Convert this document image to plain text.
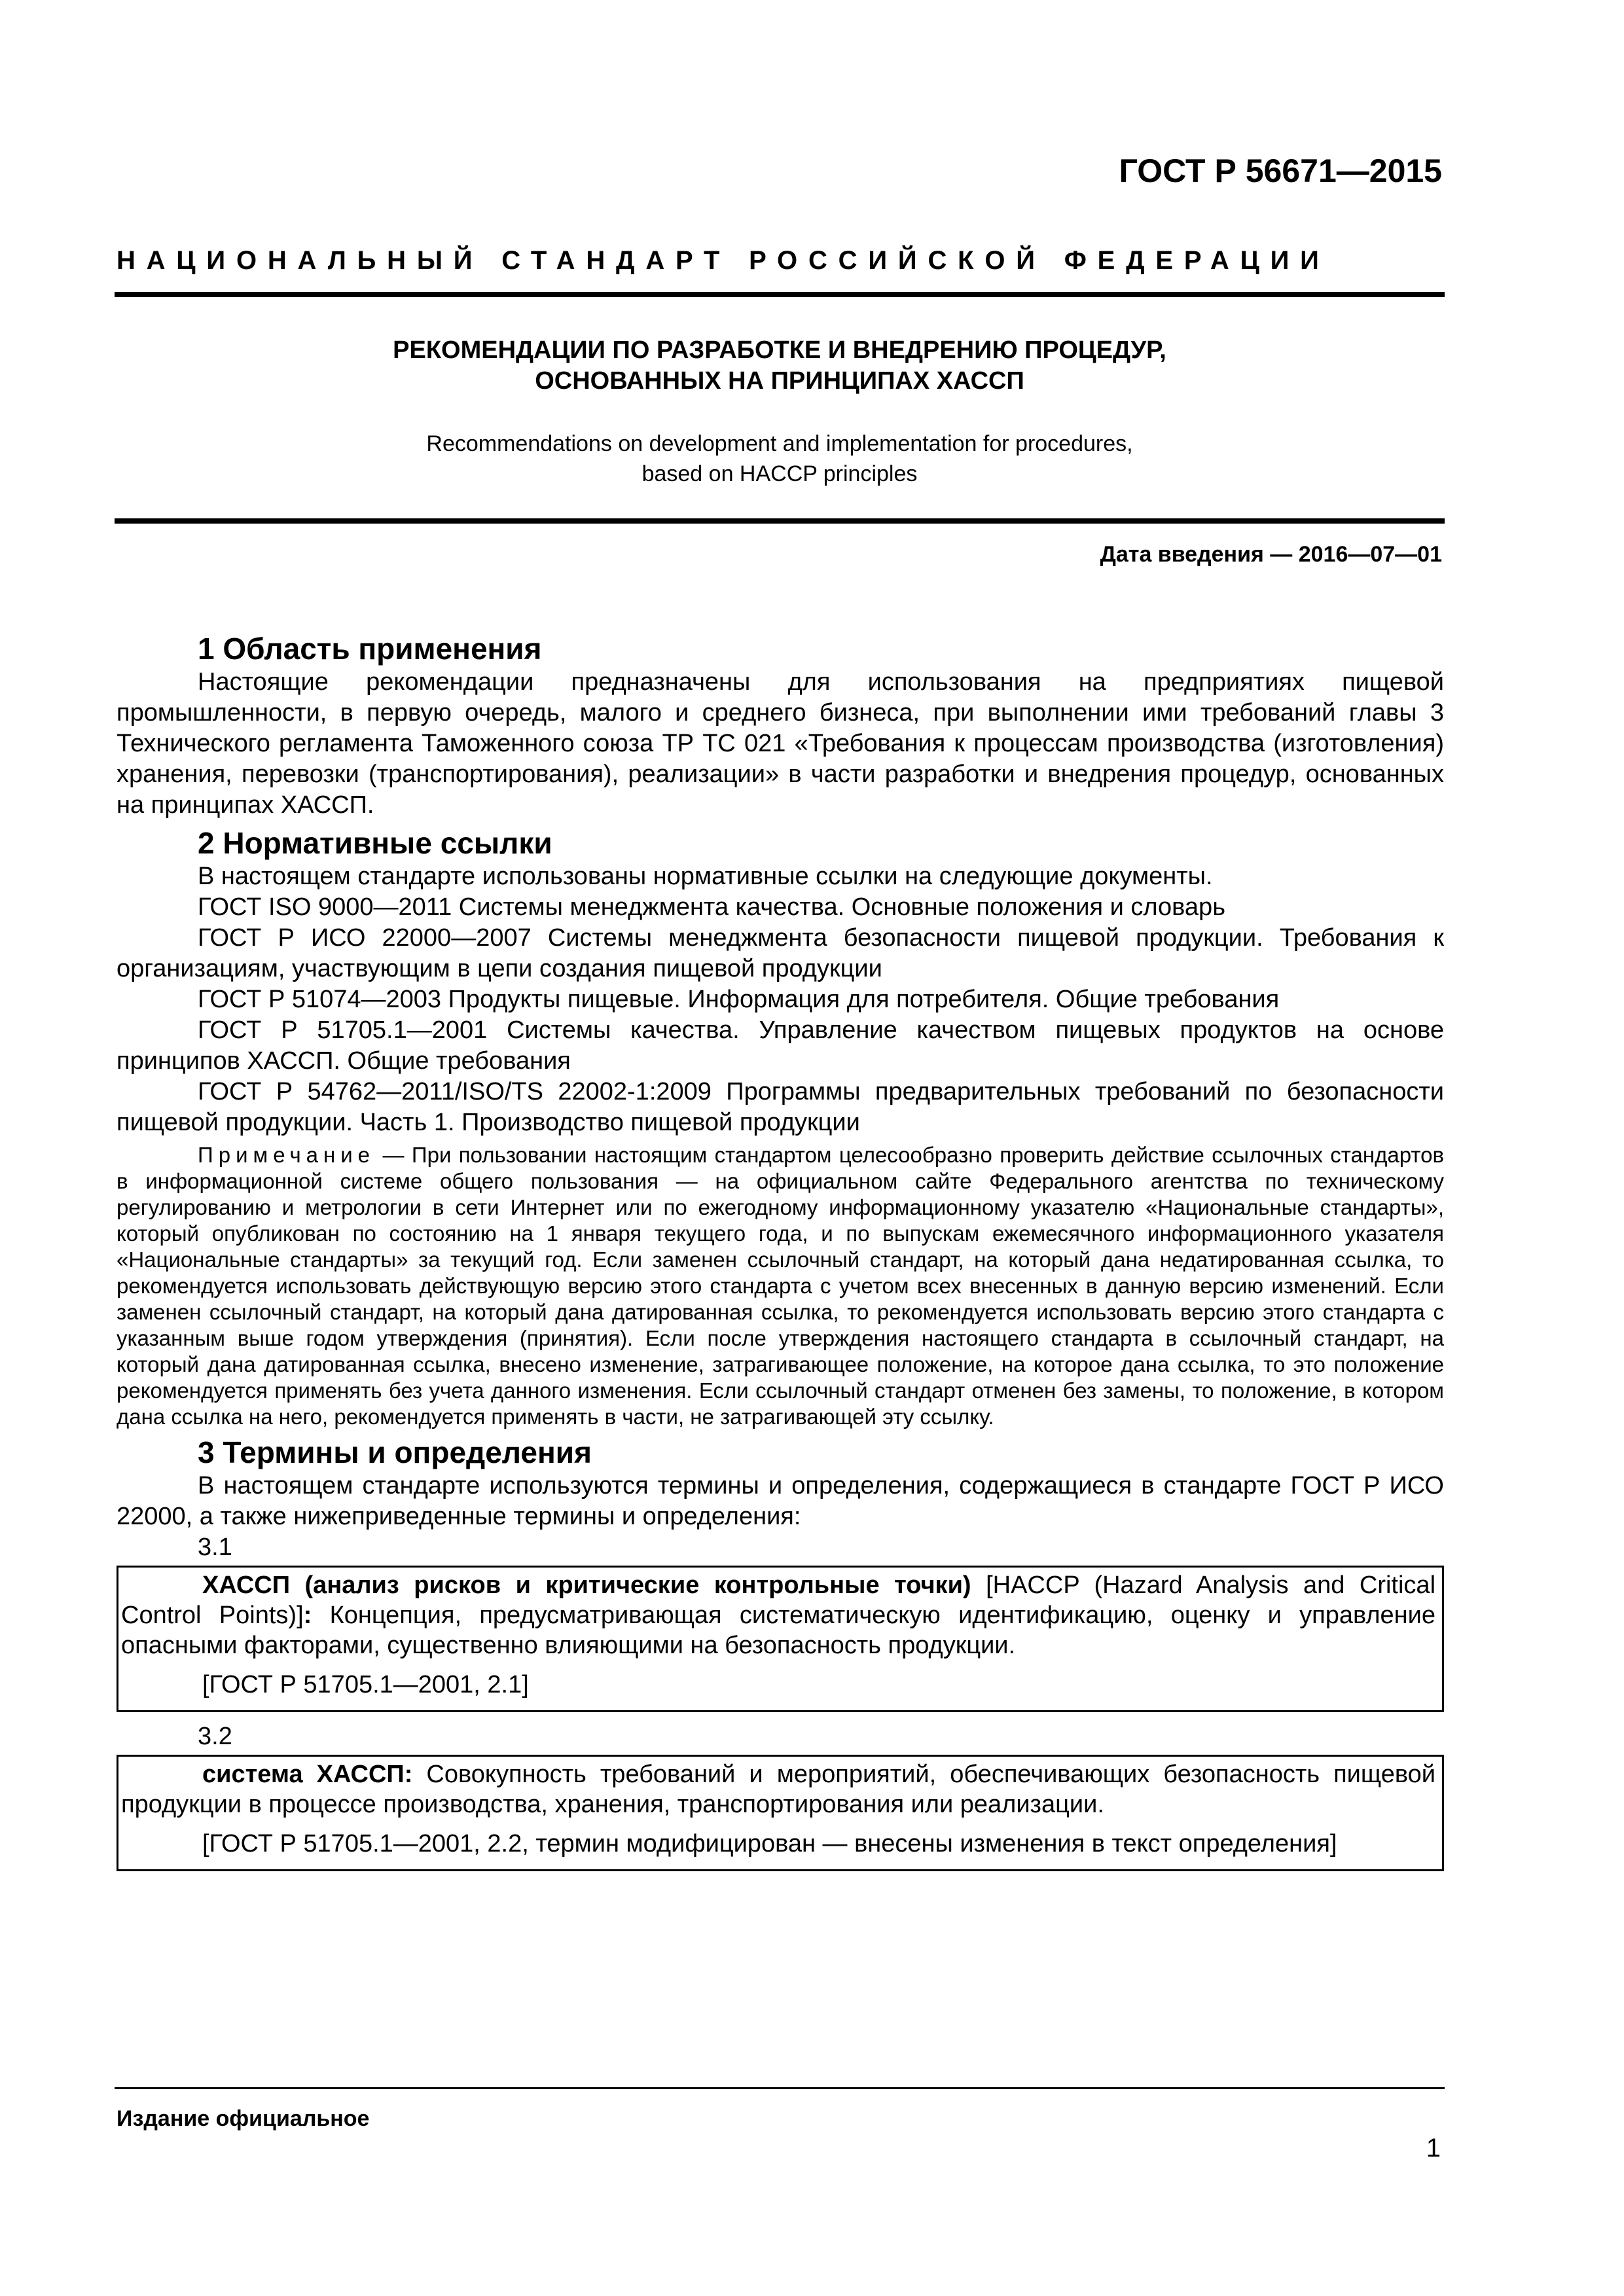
ГОСТ Р 56671—2015
НАЦИОНАЛЬНЫЙ СТАНДАРТ РОССИЙСКОЙ ФЕДЕРАЦИИ
РЕКОМЕНДАЦИИ ПО РАЗРАБОТКЕ И ВНЕДРЕНИЮ ПРОЦЕДУР,
ОСНОВАННЫХ НА ПРИНЦИПАХ ХАССП
Recommendations on development and implementation for procedures,
based on HACCP principles
Дата введения — 2016—07—01
1 Область применения

Настоящие рекомендации предназначены для использования на предприятиях пищевой промышленности, в первую очередь, малого и среднего бизнеса, при выполнении ими требований главы 3 Технического регламента Таможенного союза ТР ТС 021 «Требования к процессам производства (изготовления) хранения, перевозки (транспортирования), реализации» в части разработки и внедрения процедур, основанных на принципах ХАССП.

2 Нормативные ссылки

В настоящем стандарте использованы нормативные ссылки на следующие документы.

ГОСТ ISO 9000—2011 Системы менеджмента качества. Основные положения и словарь

ГОСТ Р ИСО 22000—2007 Системы менеджмента безопасности пищевой продукции. Требования к организациям, участвующим в цепи создания пищевой продукции

ГОСТ Р 51074—2003 Продукты пищевые. Информация для потребителя. Общие требования

ГОСТ Р 51705.1—2001 Системы качества. Управление качеством пищевых продуктов на основе принципов ХАССП. Общие требования

ГОСТ Р 54762—2011/ISO/TS 22002-1:2009 Программы предварительных требований по безопасности пищевой продукции. Часть 1. Производство пищевой продукции

Примечание — При пользовании настоящим стандартом целесообразно проверить действие ссылочных стандартов в информационной системе общего пользования — на официальном сайте Федерального агентства по техническому регулированию и метрологии в сети Интернет или по ежегодному информационному указателю «Национальные стандарты», который опубликован по состоянию на 1 января текущего года, и по выпускам ежемесячного информационного указателя «Национальные стандарты» за текущий год. Если заменен ссылочный стандарт, на который дана недатированная ссылка, то рекомендуется использовать действующую версию этого стандарта с учетом всех внесенных в данную версию изменений. Если заменен ссылочный стандарт, на который дана датированная ссылка, то рекомендуется использовать версию этого стандарта с указанным выше годом утверждения (принятия). Если после утверждения настоящего стандарта в ссылочный стандарт, на который дана датированная ссылка, внесено изменение, затрагивающее положение, на которое дана ссылка, то это положение рекомендуется применять без учета данного изменения. Если ссылочный стандарт отменен без замены, то положение, в котором дана ссылка на него, рекомендуется применять в части, не затрагивающей эту ссылку.

3 Термины и определения

В настоящем стандарте используются термины и определения, содержащиеся в стандарте ГОСТ Р ИСО 22000, а также нижеприведенные термины и определения:

3.1

ХАССП (анализ рисков и критические контрольные точки) [HACCP (Hazard Analysis and Critical Control Points)]: Концепция, предусматривающая систематическую идентификацию, оценку и управление опасными факторами, существенно влияющими на безопасность продукции.

[ГОСТ Р 51705.1—2001, 2.1]

3.2

система ХАССП: Совокупность требований и мероприятий, обеспечивающих безопасность пищевой продукции в процессе производства, хранения, транспортирования или реализации.

[ГОСТ Р 51705.1—2001, 2.2, термин модифицирован — внесены изменения в текст определения]

Издание официальное
1
